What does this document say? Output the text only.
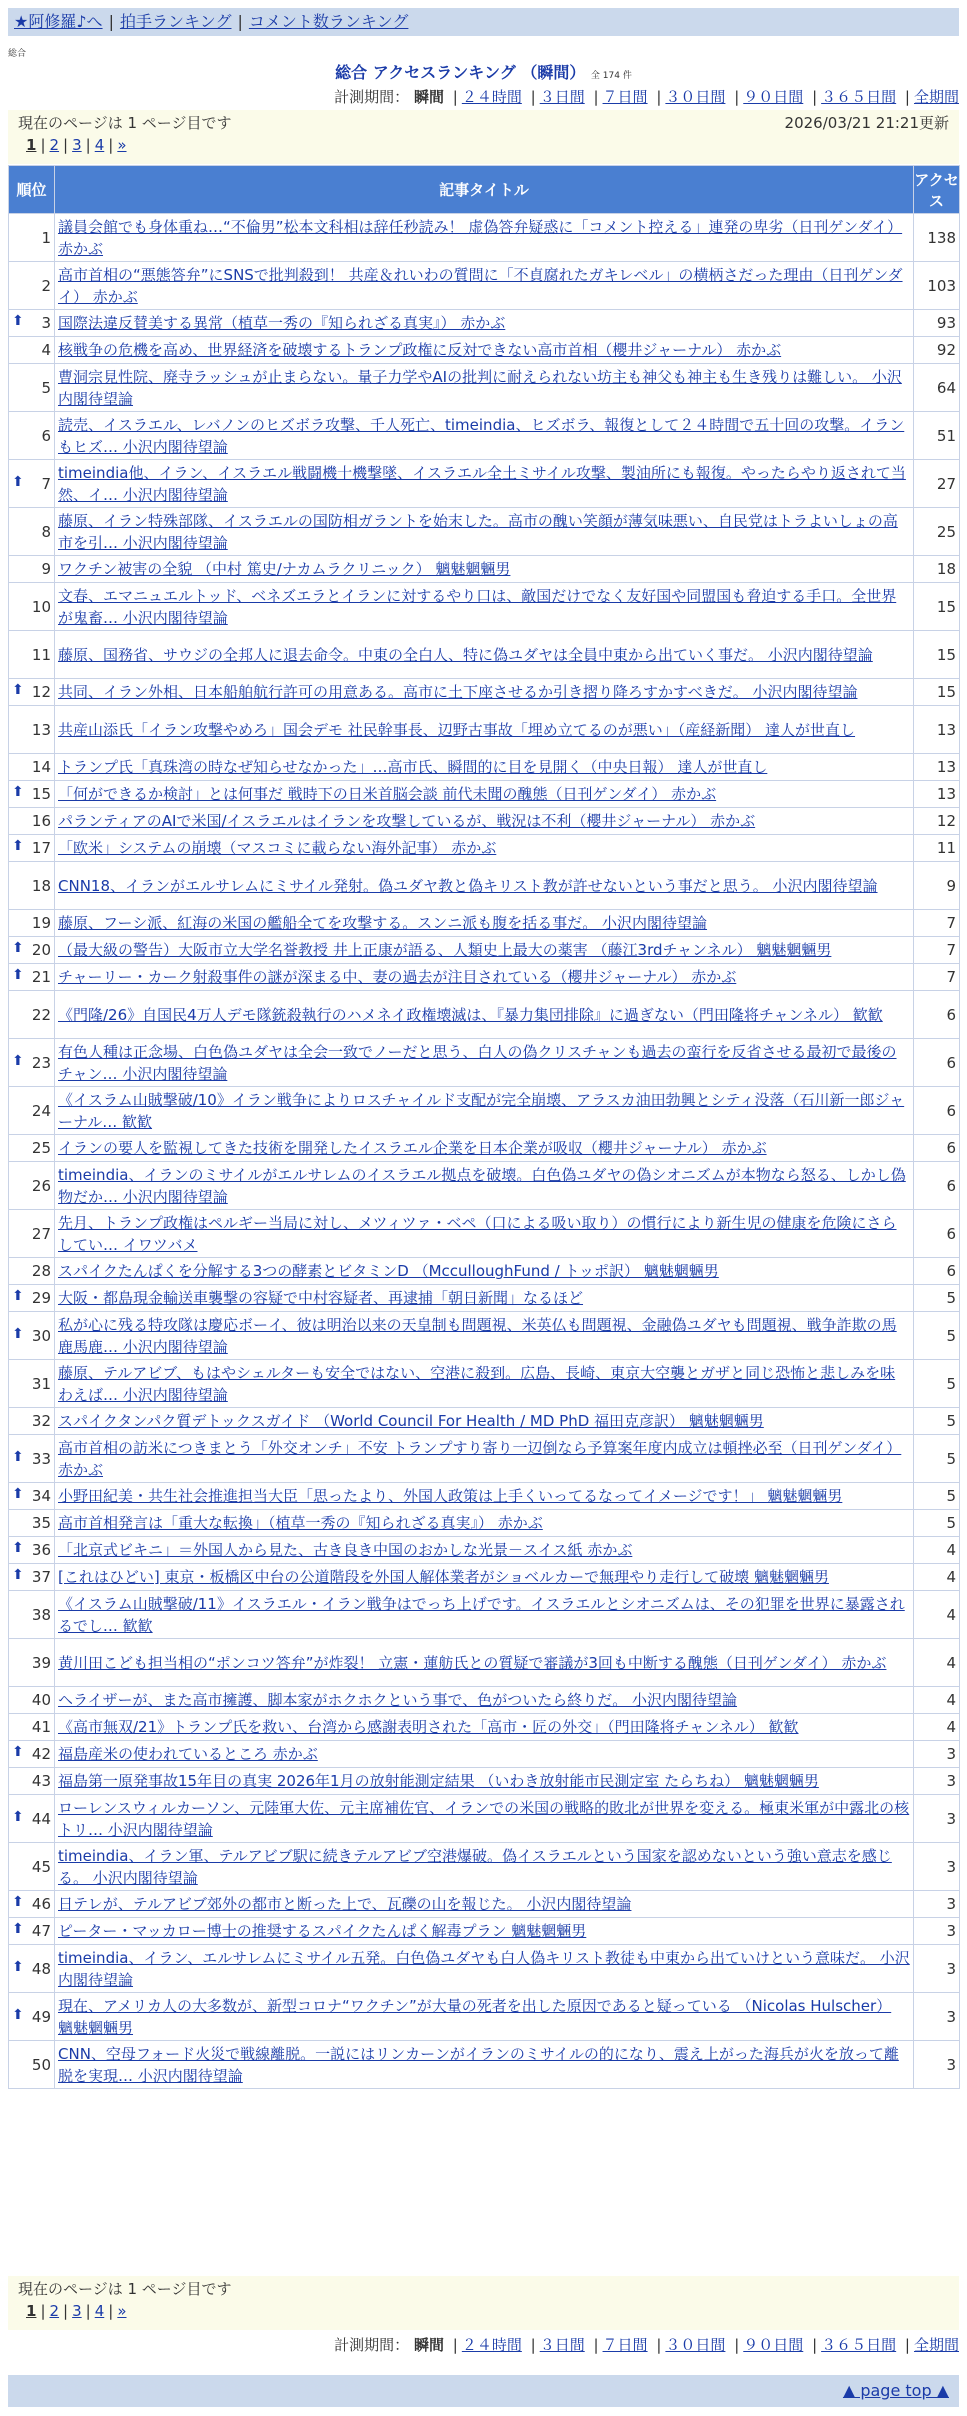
★阿修羅♪へ | 拍手ランキング | コメント数ランキング
総合
総合 アクセスランキング （瞬間） 全 174 件
計測期間： 瞬間 | ２４時間 | ３日間 | ７日間 | ３０日間 | ９０日間 | ３６５日間 | 全期間
現在のページは 1 ページ目です	2026/03/21 21:21更新
1 | 2 | 3 | 4 | »
順位	記事タイトル	アクセス
1	議員会館でも身体重ね…“不倫男”松本文科相は辞任秒読み！ 虚偽答弁疑惑に「コメント控える」連発の卑劣（日刊ゲンダイ） 赤かぶ	138
2	高市首相の“悪態答弁”にSNSで批判殺到！ 共産＆れいわの質問に「不貞腐れたガキレベル」の横柄さだった理由（日刊ゲンダイ） 赤かぶ	103

⬆ 3	国際法違反賛美する異常（植草一秀の『知られざる真実』） 赤かぶ	93
4	核戦争の危機を高め、世界経済を破壊するトランプ政権に反対できない高市首相（櫻井ジャーナル） 赤かぶ	92
5	曹洞宗見性院、廃寺ラッシュが止まらない。量子力学やAIの批判に耐えられない坊主も神父も神主も生き残りは難しい。 小沢内閣待望論	64
6	読売、イスラエル、レバノンのヒズボラ攻撃、千人死亡、timeindia、ヒズボラ、報復として２４時間で五十回の攻撃。イランもヒズ… 小沢内閣待望論	51

⬆ 7	timeindia他、イラン、イスラエル戦闘機十機撃墜、イスラエル全土ミサイル攻撃、製油所にも報復。やったらやり返されて当然、イ… 小沢内閣待望論	27
8	藤原、イラン特殊部隊、イスラエルの国防相ガラントを始末した。高市の醜い笑顔が薄気味悪い、自民党はトラよいしょの高市を引… 小沢内閣待望論	25
9	ワクチン被害の全貌 （中村 篤史/ナカムラクリニック） 魑魅魍魎男	18
10	文春、エマニュエルトッド、ベネズエラとイランに対するやり口は、敵国だけでなく友好国や同盟国も脅迫する手口。全世界が鬼畜… 小沢内閣待望論	15
11	藤原、国務省、サウジの全邦人に退去命令。中東の全白人、特に偽ユダヤは全員中東から出ていく事だ。 小沢内閣待望論	15

⬆ 12	共同、イラン外相、日本船舶航行許可の用意ある。高市に土下座させるか引き摺り降ろすかすべきだ。 小沢内閣待望論	15
13	共産山添氏「イラン攻撃やめろ」国会デモ 社民幹事長、辺野古事故「埋め立てるのが悪い」（産経新聞） 達人が世直し	13
14	トランプ氏「真珠湾の時なぜ知らせなかった」…高市氏、瞬間的に目を見開く（中央日報） 達人が世直し	13

⬆ 15	「何ができるか検討」とは何事だ 戦時下の日米首脳会談 前代未聞の醜態（日刊ゲンダイ） 赤かぶ	13
16	パランティアのAIで米国/イスラエルはイランを攻撃しているが、戦況は不利（櫻井ジャーナル） 赤かぶ	12

⬆ 17	「欧米」システムの崩壊（マスコミに載らない海外記事） 赤かぶ	11
18	CNN18、イランがエルサレムにミサイル発射。偽ユダヤ教と偽キリスト教が許せないという事だと思う。 小沢内閣待望論	9
19	藤原、フーシ派、紅海の米国の艦船全てを攻撃する。スンニ派も腹を括る事だ。 小沢内閣待望論	7

⬆ 20	（最大級の警告）大阪市立大学名誉教授 井上正康が語る、人類史上最大の薬害 （藤江3rdチャンネル） 魑魅魍魎男	7

⬆ 21	チャーリー・カーク射殺事件の謎が深まる中、妻の過去が注目されている（櫻井ジャーナル） 赤かぶ	7
22	《門隆/26》自国民4万人デモ隊銃殺執行のハメネイ政権壊滅は、『暴力集団排除』に過ぎない（門田隆将チャンネル） 歓歓	6

⬆ 23	有色人種は正念場、白色偽ユダヤは全会一致でノーだと思う、白人の偽クリスチャンも過去の蛮行を反省させる最初で最後のチャン… 小沢内閣待望論	6
24	《イスラム山賊撃破/10》イラン戦争によりロスチャイルド支配が完全崩壊、アラスカ油田勃興とシティ没落（石川新一郎ジャーナル… 歓歓	6
25	イランの要人を監視してきた技術を開発したイスラエル企業を日本企業が吸収（櫻井ジャーナル） 赤かぶ	6
26	timeindia、イランのミサイルがエルサレムのイスラエル拠点を破壊。白色偽ユダヤの偽シオニズムが本物なら怒る、しかし偽物だか… 小沢内閣待望論	6
27	先月、トランプ政権はペルギー当局に対し、メツィツァ・ベペ（口による吸い取り）の慣行により新生児の健康を危険にさらしてい… イワツバメ	6
28	スパイクたんぱくを分解する3つの酵素とビタミンD （McculloughFund / トッポ訳） 魑魅魍魎男	6

⬆ 29	大阪・都島現金輸送車襲撃の容疑で中村容疑者、再逮捕「朝日新聞」なるほど	5

⬆ 30	私が心に残る特攻隊は慶応ボーイ、彼は明治以来の天皇制も問題視、米英仏も問題視、金融偽ユダヤも問題視、戦争詐欺の馬鹿馬鹿… 小沢内閣待望論	5
31	藤原、テルアビブ、もはやシェルターも安全ではない、空港に殺到。広島、長崎、東京大空襲とガザと同じ恐怖と悲しみを味わえば… 小沢内閣待望論	5
32	スパイクタンパク質デトックスガイド （World Council For Health / MD PhD 福田克彦訳） 魑魅魍魎男	5

⬆ 33	高市首相の訪米につきまとう「外交オンチ」不安 トランプすり寄り一辺倒なら予算案年度内成立は頓挫必至（日刊ゲンダイ） 赤かぶ	5

⬆ 34	小野田紀美・共生社会推進担当大臣「思ったより、外国人政策は上手くいってるなってイメージです！」 魑魅魍魎男	5
35	高市首相発言は「重大な転換」（植草一秀の『知られざる真実』） 赤かぶ	5

⬆ 36	「北京式ビキニ」＝外国人から見た、古き良き中国のおかしな光景－スイス紙 赤かぶ	4

⬆ 37	[これはひどい] 東京・板橋区中台の公道階段を外国人解体業者がショベルカーで無理やり走行して破壊 魑魅魍魎男	4
38	《イスラム山賊撃破/11》イスラエル・イラン戦争はでっち上げです。イスラエルとシオニズムは、その犯罪を世界に暴露されるでし… 歓歓	4
39	黄川田こども担当相の“ポンコツ答弁”が炸裂！ 立憲・蓮舫氏との質疑で審議が3回も中断する醜態（日刊ゲンダイ） 赤かぶ	4
40	ヘライザーが、また高市擁護、脚本家がホクホクという事で、色がついたら終りだ。 小沢内閣待望論	4
41	《高市無双/21》トランプ氏を救い、台湾から感謝表明された「高市・匠の外交」（門田隆将チャンネル） 歓歓	4

⬆ 42	福島産米の使われているところ 赤かぶ	3
43	福島第一原発事故15年目の真実 2026年1月の放射能測定結果 （いわき放射能市民測定室 たらちね） 魑魅魍魎男	3

⬆ 44	ローレンスウィルカーソン、元陸軍大佐、元主席補佐官、イランでの米国の戦略的敗北が世界を変える。極東米軍が中露北の核トリ… 小沢内閣待望論	3
45	timeindia、イラン軍、テルアビブ駅に続きテルアビブ空港爆破。偽イスラエルという国家を認めないという強い意志を感じる。 小沢内閣待望論	3

⬆ 46	日テレが、テルアビブ郊外の都市と断った上で、瓦礫の山を報じた。 小沢内閣待望論	3

⬆ 47	ピーター・マッカロー博士の推奨するスパイクたんぱく解毒プラン 魑魅魍魎男	3

⬆ 48	timeindia、イラン、エルサレムにミサイル五発。白色偽ユダヤも白人偽キリスト教徒も中東から出ていけという意味だ。 小沢内閣待望論	3

⬆ 49	現在、アメリカ人の大多数が、新型コロナ“ワクチン”が大量の死者を出した原因であると疑っている （Nicolas Hulscher） 魑魅魍魎男	3
50	CNN、空母フォード火災で戦線離脱。一説にはリンカーンがイランのミサイルの的になり、震え上がった海兵が火を放って離脱を実現… 小沢内閣待望論	3
現在のページは 1 ページ目です
1 | 2 | 3 | 4 | »
計測期間： 瞬間 | ２４時間 | ３日間 | ７日間 | ３０日間 | ９０日間 | ３６５日間 | 全期間
▲ page top ▲
